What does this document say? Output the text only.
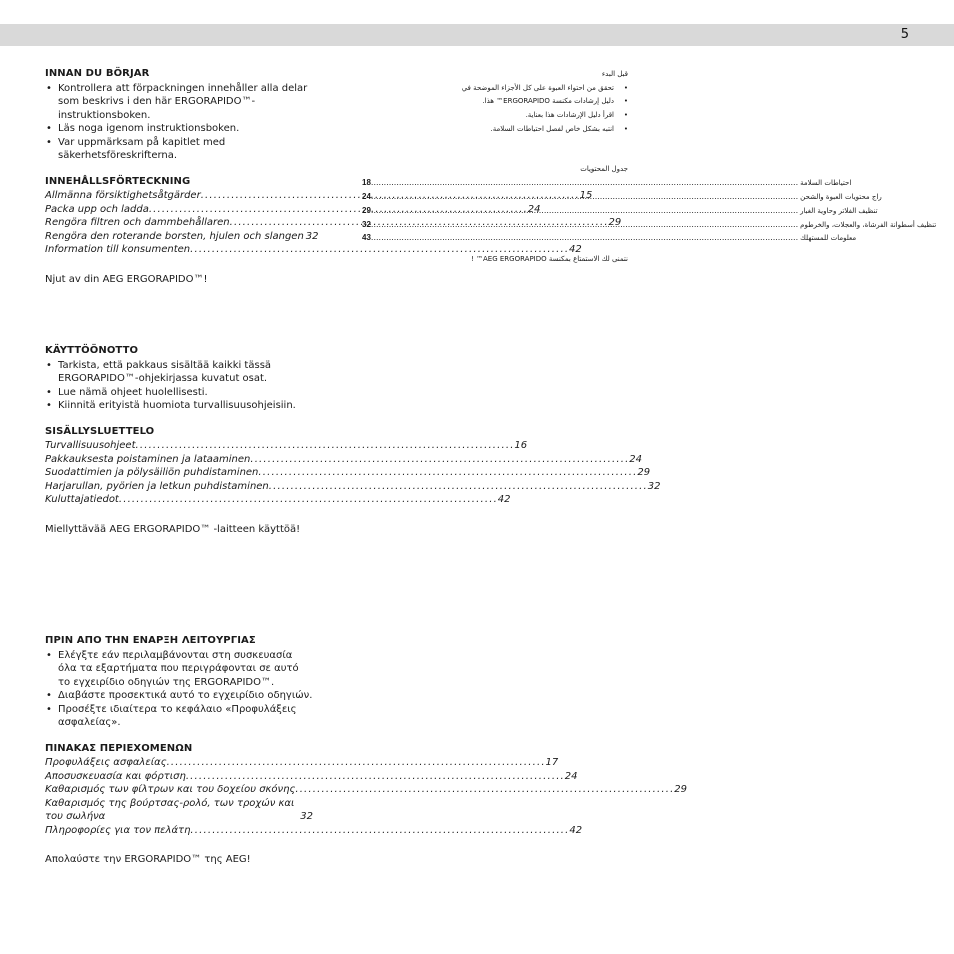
5
INNAN DU BÖRJAR
• Kontrollera att förpackningen innehåller alla delar som beskrivs i den här ERGORAPIDO™-instruktionsboken.
• Läs noga igenom instruktionsboken.
• Var uppmärksam på kapitlet med säkerhetsföreskrifterna.
INNEHÅLLSFÖRTECKNING
Allmänna försiktighetsåtgärder . . .	15
Packa upp och ladda . . .	24
Rengöra filtren och dammbehållaren . . .	29
Rengöra den roterande borsten, hjulen och slangen 32
Information till konsumenten . . .	42
Njut av din AEG ERGORAPIDO™!
KÄYTTÖÖNOTTO
• Tarkista, että pakkaus sisältää kaikki tässä ERGORAPIDO™-ohjekirjassa kuvatut osat.
• Lue nämä ohjeet huolellisesti.
• Kiinnitä erityistä huomiota turvallisuusohjeisiin.
SISÄLLYSLUETTELO
Turvallisuusohjeet . . .	16
Pakkauksesta poistaminen ja lataaminen . . .	24
Suodattimien ja pölysäiliön puhdistaminen . . .	29
Harjarullan, pyörien ja letkun puhdistaminen . . .	32
Kuluttajatiedot . . .	42
Miellyttävää AEG ERGORAPIDO™ -laitteen käyttöä!
ΠΡΙΝ ΑΠΟ ΤΗΝ ΕΝΑΡΞΗ ΛΕΙΤΟΥΡΓΙΑΣ
• Ελέγξτε εάν περιλαμβάνονται στη συσκευασία όλα τα εξαρτήματα που περιγράφονται σε αυτό το εγχειρίδιο οδηγιών της ERGORAPIDO™.
• Διαβάστε προσεκτικά αυτό το εγχειρίδιο οδηγιών.
• Προσέξτε ιδιαίτερα το κεφάλαιο «Προφυλάξεις ασφαλείας».
ΠΙΝΑΚΑΣ ΠΕΡΙΕΧΟΜΕΝΩΝ
Προφυλάξεις ασφαλείας . . .	17
Αποσυσκευασία και φόρτιση . . .	24
Καθαρισμός των φίλτρων και του δοχείου σκόνης . . .	29
Καθαρισμός της βούρτσας-ρολό, των τροχών και του σωλήνα	32
Πληροφορίες για τον πελάτη . . .	42
Απολαύστε την ERGORAPIDO™ της AEG!
قبل البدء
• تحقق من احتواء العبوة على كل الأجزاء الموضحة في
• دليل إرشادات مكنسة ERGORAPIDO™ هذا.
• اقرأ دليل الإرشادات هذا بعناية.
• انتبه بشكل خاص لفصل احتياطات السلامة.
جدول المحتويات
18 .....	احتياطات السلامة
24 .....	راج محتويات العبوة والشحن
29 .....	تنظيف الفلاتر وحاوية الغبار
32 .....	تنظيف أسطوانة الفرشاة، والعجلات، والخرطوم
43 .....	معلومات للمستهلك
نتمنى لك الاستمتاع بمكنسة AEG ERGORAPIDO™ !
